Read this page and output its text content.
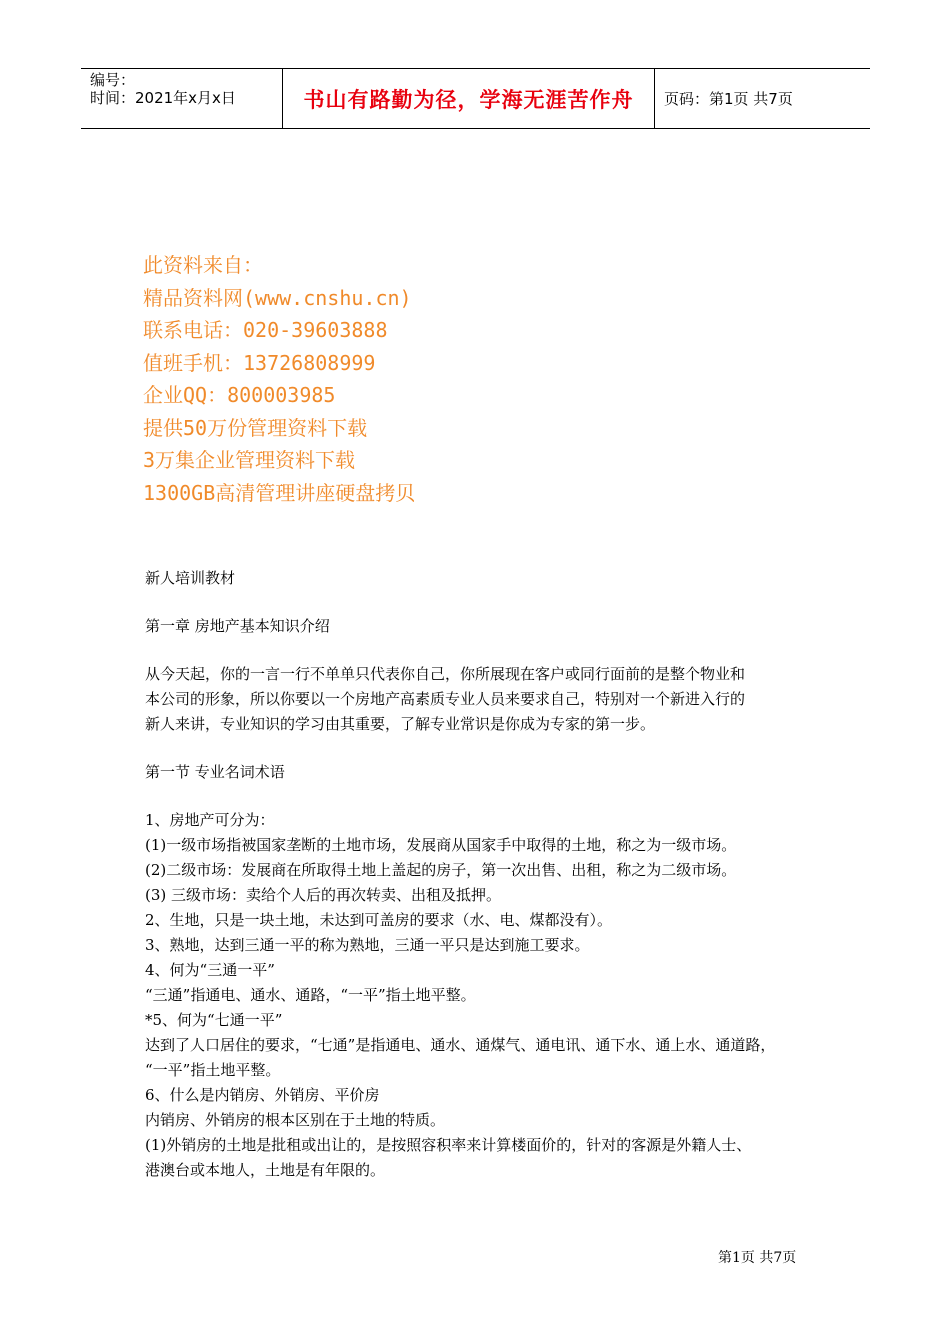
编号：
时间：2021年x月x日	书山有路勤为径，学海无涯苦作舟	页码：第1页 共7页
此资料来自：
精品资料网(www.cnshu.cn)
联系电话：020-39603888
值班手机：13726808999
企业QQ：800003985
提供50万份管理资料下载
3万集企业管理资料下载
1300GB高清管理讲座硬盘拷贝

新人培训教材

第一章 房地产基本知识介绍

从今天起，你的一言一行不单单只代表你自己，你所展现在客户或同行面前的是整个物业和

本公司的形象，所以你要以一个房地产高素质专业人员来要求自己，特别对一个新进入行的

新人来讲，专业知识的学习由其重要，了解专业常识是你成为专家的第一步。

第一节 专业名词术语

1、房地产可分为：

(1)一级市场指被国家垄断的土地市场，发展商从国家手中取得的土地，称之为一级市场。

(2)二级市场：发展商在所取得土地上盖起的房子，第一次出售、出租，称之为二级市场。

(3) 三级市场：卖给个人后的再次转卖、出租及抵押。

2、生地，只是一块土地，未达到可盖房的要求（水、电、煤都没有）。

3、熟地，达到三通一平的称为熟地，三通一平只是达到施工要求。

4、何为“三通一平”

“三通”指通电、通水、通路，“一平”指土地平整。

*5、何为“七通一平”

达到了人口居住的要求，“七通”是指通电、通水、通煤气、通电讯、通下水、通上水、通道路，

“一平”指土地平整。

6、什么是内销房、外销房、平价房

内销房、外销房的根本区别在于土地的特质。

(1)外销房的土地是批租或出让的，是按照容积率来计算楼面价的，针对的客源是外籍人士、

港澳台或本地人，土地是有年限的。

第1页 共7页
